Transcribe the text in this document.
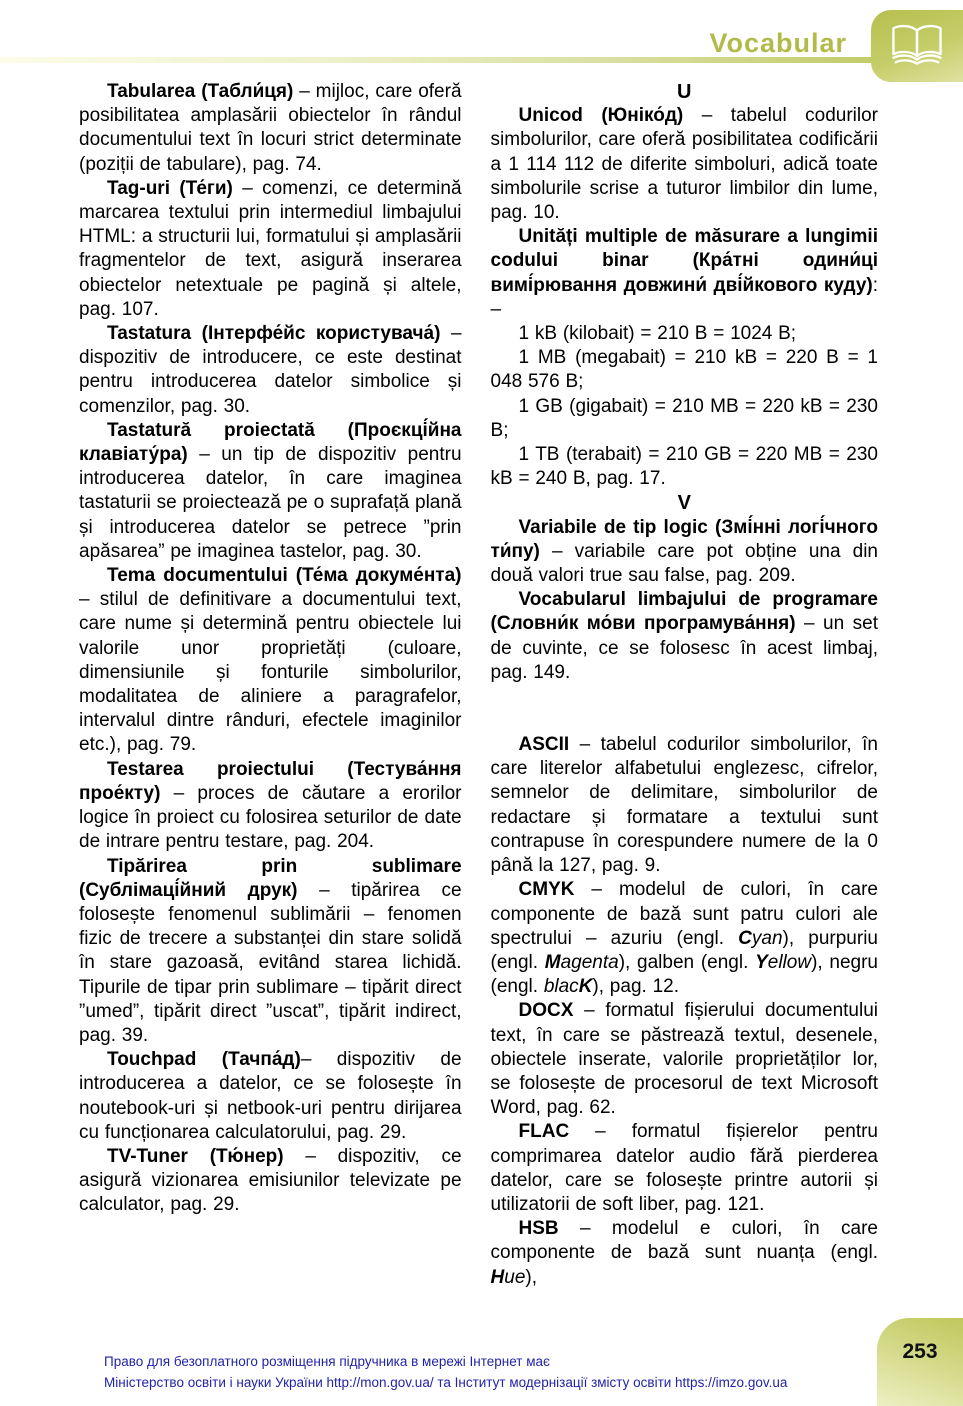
Vocabular

Tabularea (Табли́ця) – mijloc, care oferă posibilitatea amplasării obiectelor în rândul documentului text în locuri strict determinate (poziții de tabulare), pag. 74.

Tag-uri (Те́ги) – comenzi, ce determină marcarea textului prin intermediul limbajului HTML: a structurii lui, formatului și amplasării fragmentelor de text, asigură inserarea obiectelor netextuale pe pagină și altele, pag. 107.

Tastatura (Інтерфе́йс користувача́) – dispozitiv de introducere, ce este destinat pentru introducerea datelor simbolice și comenzilor, pag. 30.

Tastatură proiectată (Проєкці́йна клавіату́ра) – un tip de dispozitiv pentru introducerea datelor, în care imaginea tastaturii se proiectează pe o suprafață plană și introducerea datelor se petrece ”prin apăsarea” pe imaginea tastelor, pag. 30.

Tema documentului (Те́ма докуме́нта) – stilul de definitivare a documentului text, care nume și determină pentru obiectele lui valorile unor proprietăți (culoare, dimensiunile și fonturile simbolurilor, modalitatea de aliniere a paragrafelor, intervalul dintre rânduri, efectele imaginilor etc.), pag. 79.

Testarea proiectului (Тестува́ння прое́кту) – proces de căutare a erorilor logice în proiect cu folosirea seturilor de date de intrare pentru testare, pag. 204.

Tipărirea prin sublimare (Сублімаці́йний друк) – tipărirea ce folosește fenomenul sublimării – fenomen fizic de trecere a substanței din stare solidă în stare gazoasă, evitând starea lichidă. Tipurile de tipar prin sublimare – tipărit direct ”umed”, tipărit direct ”uscat”, tipărit indirect, pag. 39.

Touchpad (Тачпа́д)– dispozitiv de introducerea a datelor, ce se folosește în noutebook-uri și netbook-uri pentru dirijarea cu funcționarea calculatorului, pag. 29.

TV-Tuner (Тю́нер) – dispozitiv, ce asigură vizionarea emisiunilor televizate pe calculator, pag. 29.

U

Unicod (Юніко́д) – tabelul codurilor simbolurilor, care oferă posibilitatea codificării a 1 114 112 de diferite simboluri, adică toate simbolurile scrise a tuturor limbilor din lume, pag. 10.

Unități multiple de măsurare a lungimii codului binar (Кра́тні одини́ці вимі́рювання довжини́ дві́йкового куду): –

1 kB (kilobait) = 210 B = 1024 B;

1 MB (megabait) = 210 kB = 220 B = 1 048 576 B;

1 GB (gigabait) = 210 MB = 220 kB = 230 B;

1 TB (terabait) = 210 GB = 220 MB = 230 kB = 240 B, pag. 17.

V

Variabile de tip logic (Змі́нні логі́чного ти́пу) – variabile care pot obține una din două valori true sau false, pag. 209.

Vocabularul limbajului de programare (Словни́к мо́ви програмува́ння) – un set de cuvinte, ce se folosesc în acest limbaj, pag. 149.

ASCII – tabelul codurilor simbolurilor, în care literelor alfabetului englezesc, cifrelor, semnelor de delimitare, simbolurilor de redactare și formatare a textului sunt contrapuse în corespundere numere de la 0 până la 127, pag. 9.

CMYK – modelul de culori, în care componente de bază sunt patru culori ale spectrului – azuriu (engl. Cyan), purpuriu (engl. Magenta), galben (engl. Yellow), negru (engl. blacK), pag. 12.

DOCX – formatul fișierului documentului text, în care se păstrează textul, desenele, obiectele inserate, valorile proprietăților lor, se folosește de procesorul de text Microsoft Word, pag. 62.

FLAC – formatul fișierelor pentru comprimarea datelor audio fără pierderea datelor, care se folosește printre autorii și utilizatorii de soft liber, pag. 121.

HSB – modelul e culori, în care componente de bază sunt nuanța (engl. Hue),

253
Право для безоплатного розміщення підручника в мережі Інтернет має
Міністерство освіти і науки України http://mon.gov.ua/ та Інститут модернізації змісту освіти https://imzo.gov.ua
